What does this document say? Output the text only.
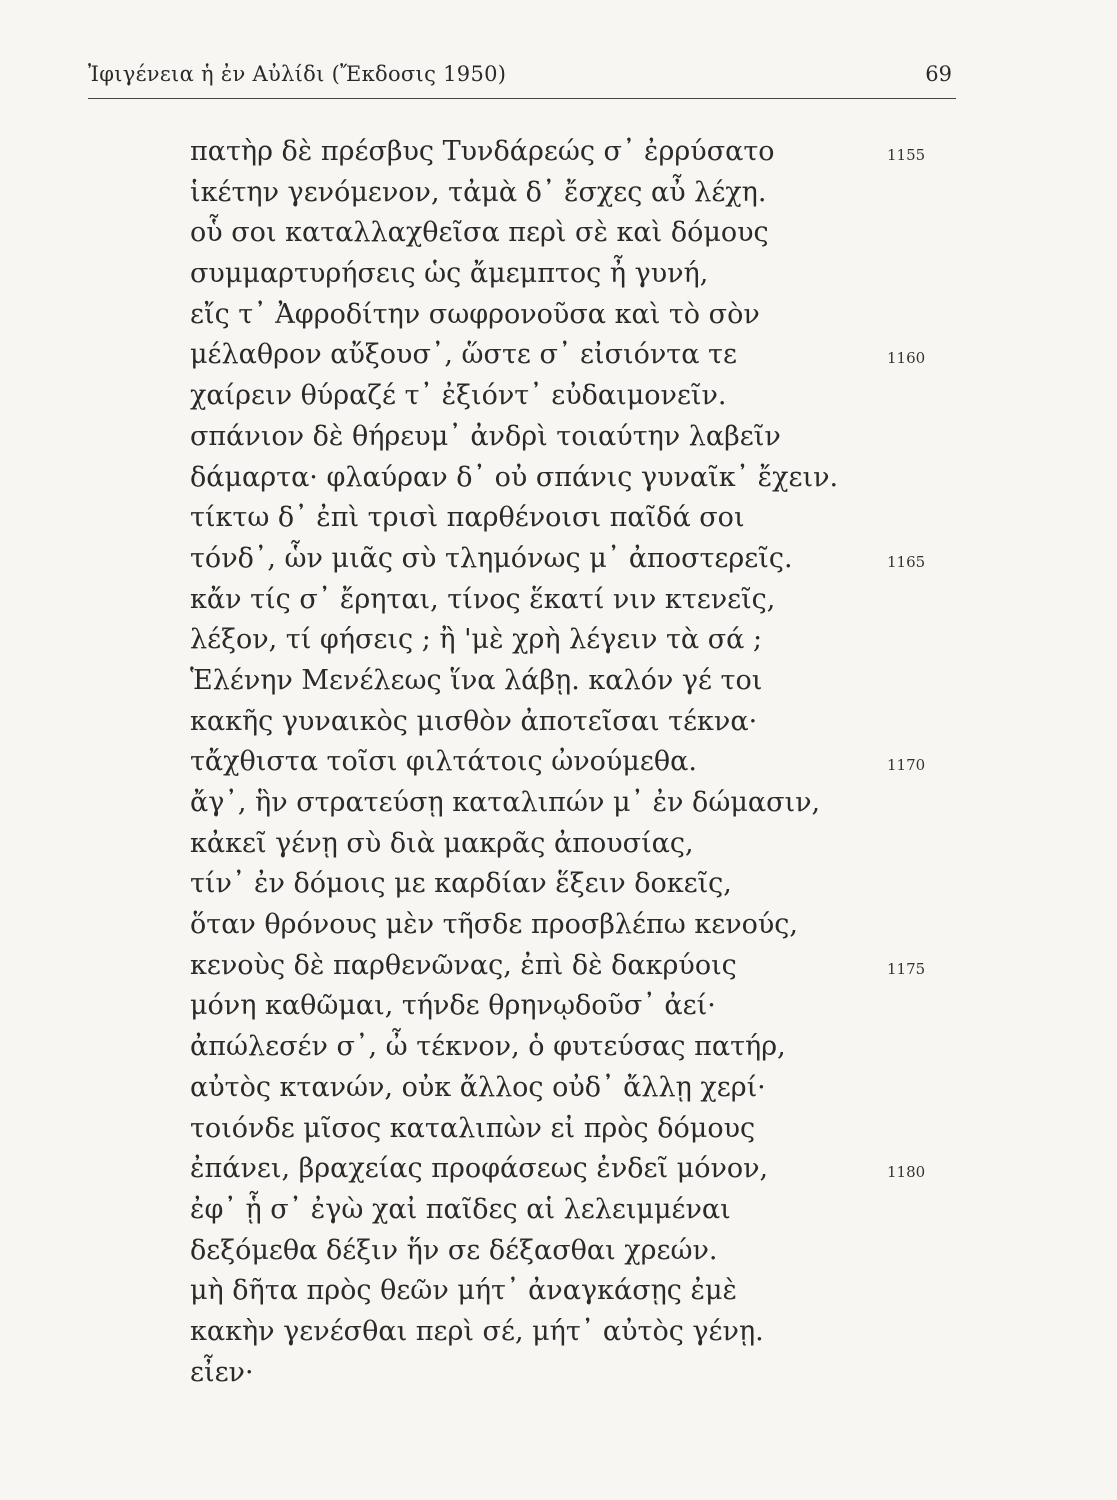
Ἰφιγένεια ἡ ἐν Αὐλίδι (Ἔκδοσις 1950)	69
πατὴρ δὲ πρέσβυς Τυνδάρεώς σ᾽ ἐρρύσατο	1155
ἱκέτην γενόμενον, τἀμὰ δ᾽ ἔσχες αὖ λέχη.
οὗ σοι καταλλαχθεῖσα περὶ σὲ καὶ δόμους
συμμαρτυρήσεις ὡς ἄμεμπτος ἦ γυνή,
εἴς τ᾽ Ἀφροδίτην σωφρονοῦσα καὶ τὸ σὸν
μέλαθρον αὔξουσ᾽, ὥστε σ᾽ εἰσιόντα τε	1160
χαίρειν θύραζέ τ᾽ ἐξιόντ᾽ εὐδαιμονεῖν.
σπάνιον δὲ θήρευμ᾽ ἀνδρὶ τοιαύτην λαβεῖν
δάμαρτα· φλαύραν δ᾽ οὐ σπάνις γυναῖκ᾽ ἔχειν.
τίκτω δ᾽ ἐπὶ τρισὶ παρθένοισι παῖδά σοι
τόνδ᾽, ὧν μιᾶς σὺ τλημόνως μ᾽ ἀποστερεῖς.	1165
κἄν τίς σ᾽ ἔρηται, τίνος ἕκατί νιν κτενεῖς,
λέξον, τί φήσεις ; ἢ 'μὲ χρὴ λέγειν τὰ σά ;
Ἑλένην Μενέλεως ἵνα λάβῃ. καλόν γέ τοι
κακῆς γυναικὸς μισθὸν ἀποτεῖσαι τέκνα·
τἄχθιστα τοῖσι φιλτάτοις ὠνούμεθα.	1170
ἄγ᾽, ἣν στρατεύσῃ καταλιπών μ᾽ ἐν δώμασιν,
κἀκεῖ γένῃ σὺ διὰ μακρᾶς ἀπουσίας,
τίν᾽ ἐν δόμοις με καρδίαν ἕξειν δοκεῖς,
ὅταν θρόνους μὲν τῆσδε προσβλέπω κενούς,
κενοὺς δὲ παρθενῶνας, ἐπὶ δὲ δακρύοις	1175
μόνη καθῶμαι, τήνδε θρηνῳδοῦσ᾽ ἀεί·
ἀπώλεσέν σ᾽, ὦ τέκνον, ὁ φυτεύσας πατήρ,
αὐτὸς κτανών, οὐκ ἄλλος οὐδ᾽ ἄλλῃ χερί·
τοιόνδε μῖσος καταλιπὼν εἰ πρὸς δόμους
ἐπάνει, βραχείας προφάσεως ἐνδεῖ μόνον,	1180
ἐφ᾽ ᾗ σ᾽ ἐγὼ χαἰ παῖδες αἱ λελειμμέναι
δεξόμεθα δέξιν ἥν σε δέξασθαι χρεών.
μὴ δῆτα πρὸς θεῶν μήτ᾽ ἀναγκάσῃς ἐμὲ
κακὴν γενέσθαι περὶ σέ, μήτ᾽ αὐτὸς γένῃ.
εἶεν·
